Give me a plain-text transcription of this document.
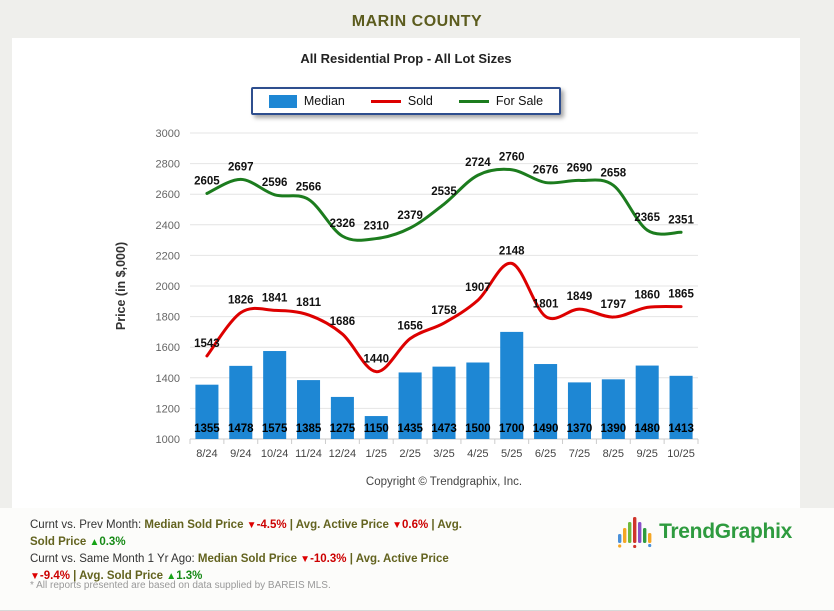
MARIN COUNTY
All Residential Prop - All Lot Sizes
Median	Sold	For Sale
1000
1200
1400
1600
1800
2000
2200
2400
2600
2800
3000
Price (in $,000)
1355 1478 1575 1385 1275 1150 1435 1473 1500 1700 1490 1370 1390 1480 1413
8/24 9/24 10/24 11/24 12/24 1/25 2/25 3/25 4/25 5/25 6/25 7/25 8/25 9/25 10/25
1543
1826 1841 1811
1686
1440
1656
1758
1907
2148
1801
1849
1797
1860 1865
2605
2697
2596 2566
2326 2310
2379
2535
2724 2760
2676 2690 2658
2365 2351
Copyright © Trendgraphix, Inc.
Curnt vs. Prev Month: Median Sold Price ▼-4.5% | Avg. Active Price ▼0.6% | Avg. Sold Price ▲0.3%
Curnt vs. Same Month 1 Yr Ago: Median Sold Price ▼-10.3% | Avg. Active Price ▼-9.4% | Avg. Sold Price ▲1.3%
TrendGraphix
* All reports presented are based on data supplied by BAREIS MLS.
